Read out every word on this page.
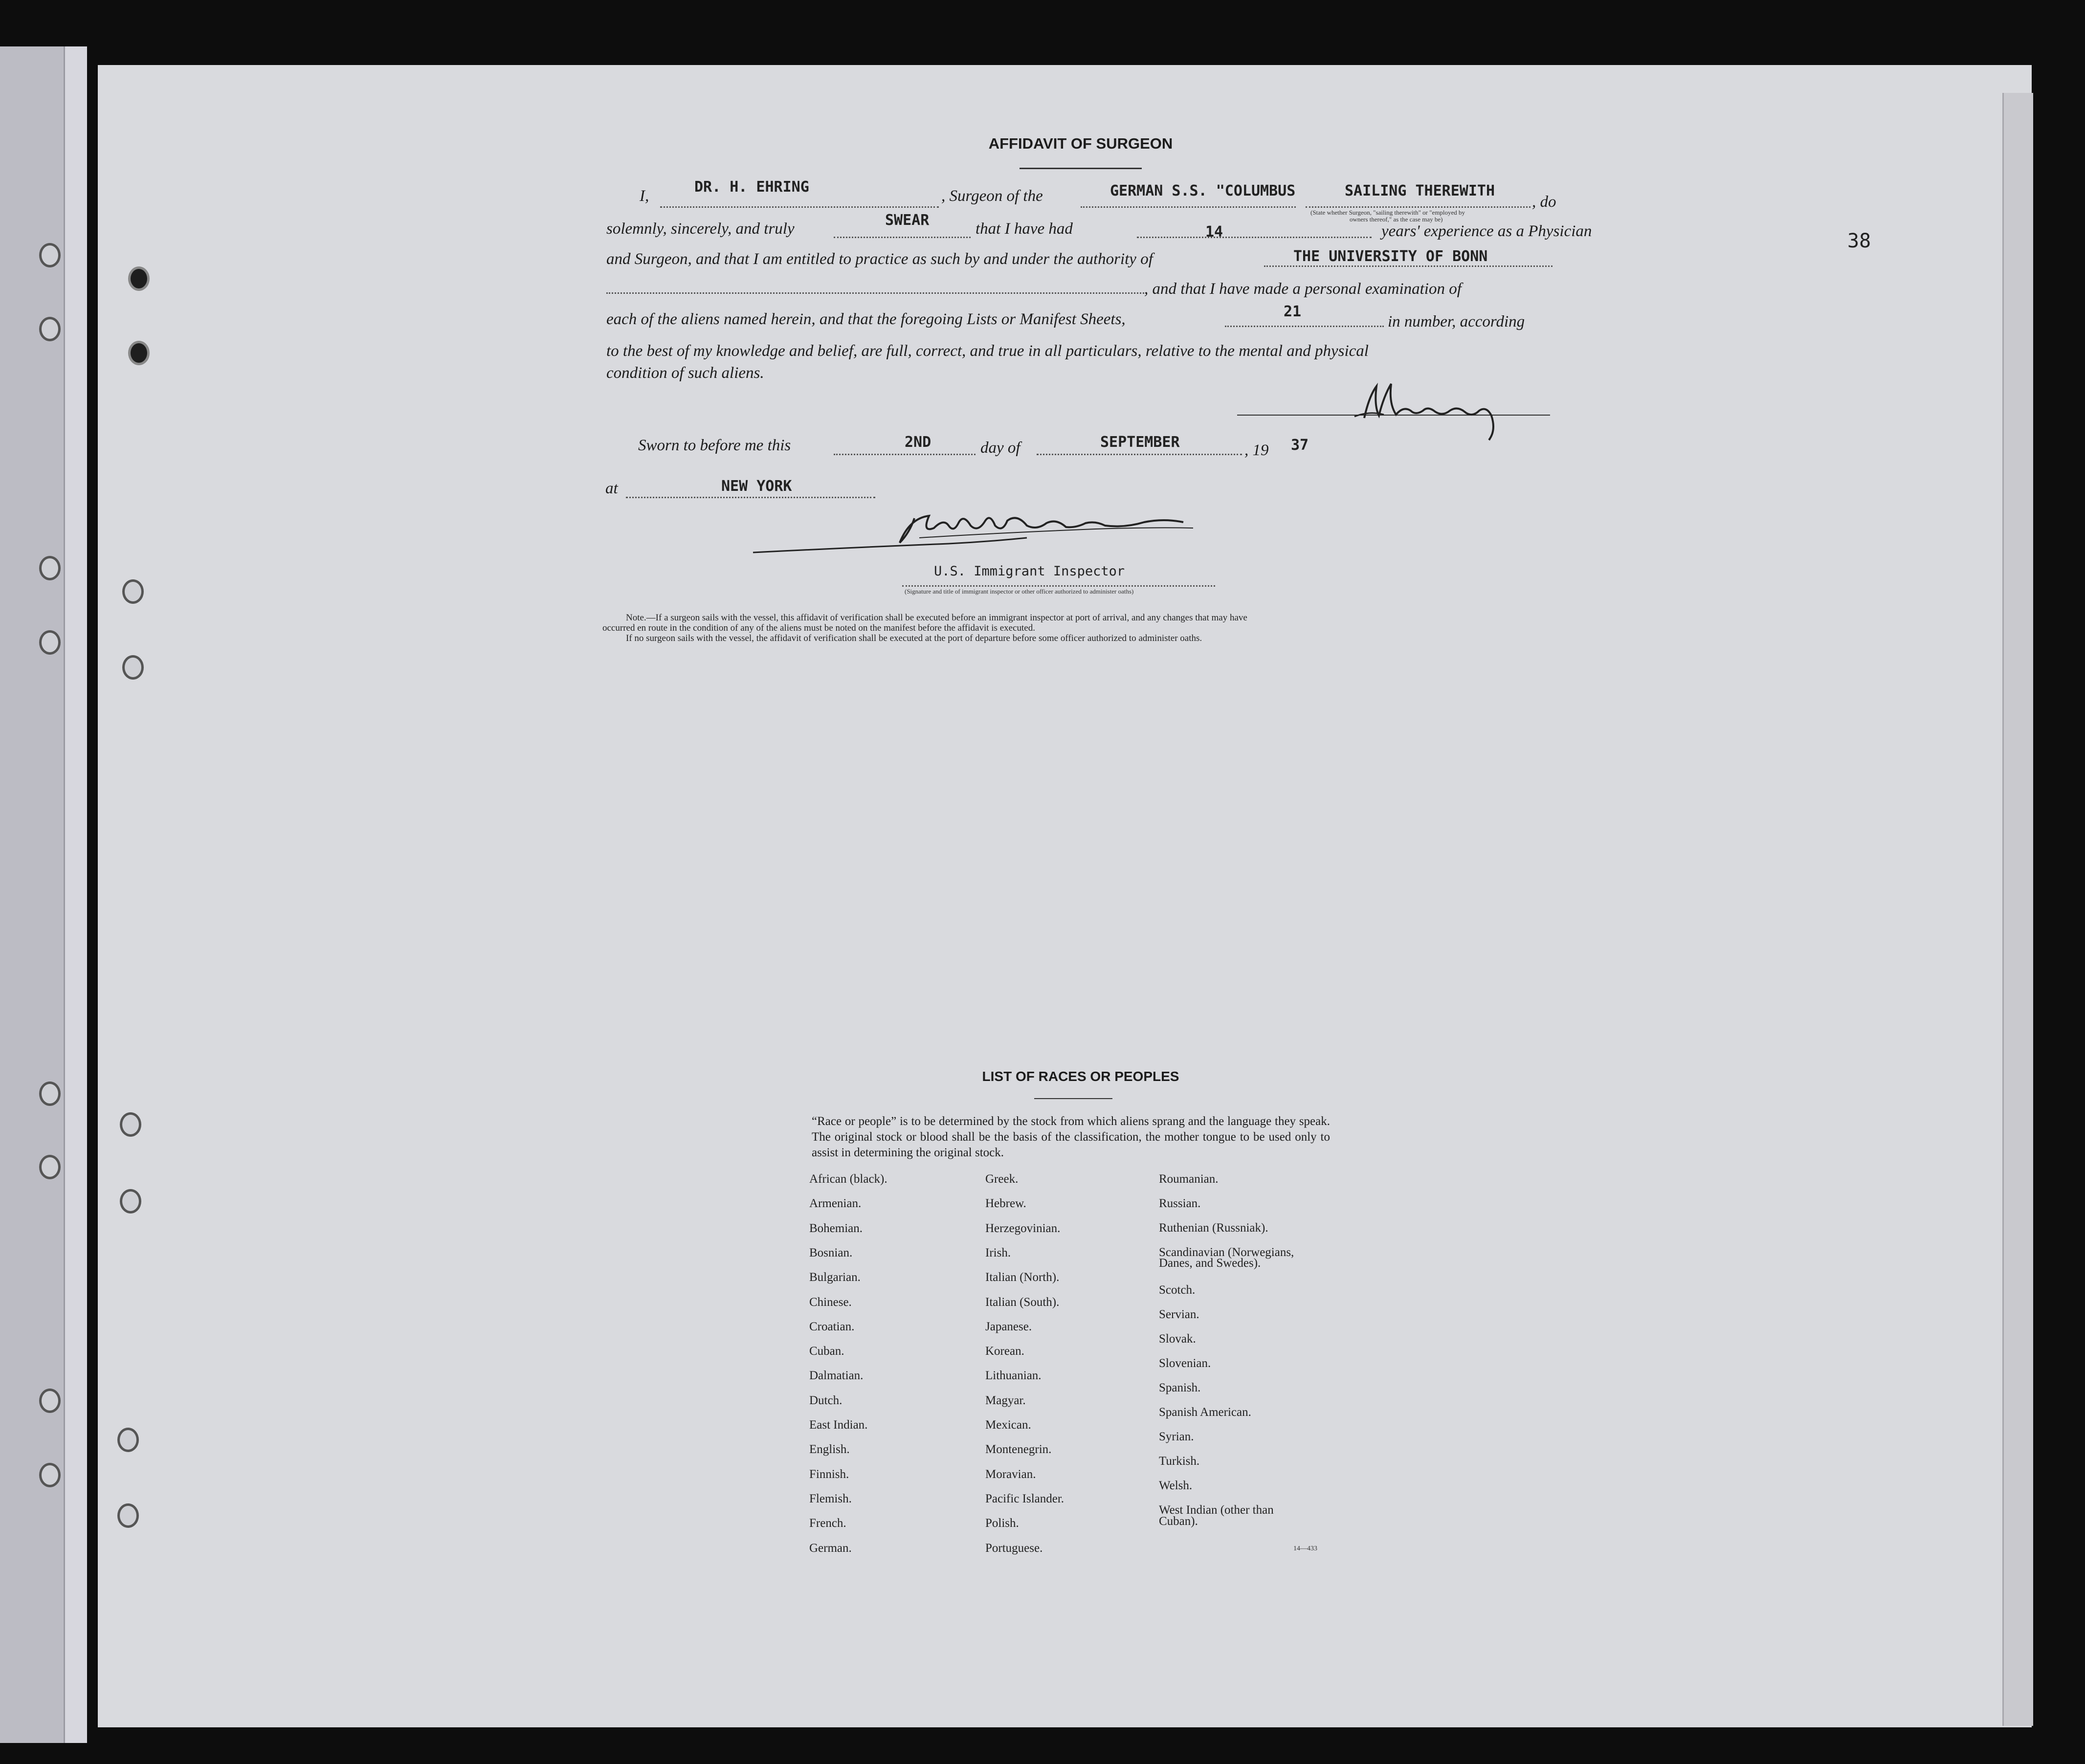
38
AFFIDAVIT OF SURGEON
I,
DR. H. EHRING
, Surgeon of the	GERMAN S.S. "COLUMBUS	SAILING THEREWITH
, do
(State whether Surgeon, "sailing therewith" or "employed by
owners thereof," as the case may be)
solemnly, sincerely, and truly	SWEAR	that I have had	14	years' experience as a Physician
and Surgeon, and that I am entitled to practice as such by and under the authority of	THE UNIVERSITY OF BONN
, and that I have made a personal examination of
each of the aliens named herein, and that the foregoing Lists or Manifest Sheets,	21
in number, according
to the best of my knowledge and belief, are full, correct, and true in all particulars, relative to the mental and physical
condition of such aliens.
Sworn to before me this	2ND	day of	SEPTEMBER	, 19 37
at	NEW YORK
U.S. Immigrant Inspector
(Signature and title of immigrant inspector or other officer authorized to administer oaths)
Note.—If a surgeon sails with the vessel, this affidavit of verification shall be executed before an immigrant inspector at port of arrival, and any changes that may have
occurred en route in the condition of any of the aliens must be noted on the manifest before the affidavit is executed.
If no surgeon sails with the vessel, the affidavit of verification shall be executed at the port of departure before some officer authorized to administer oaths.
LIST OF RACES OR PEOPLES
“Race or people” is to be determined by the stock from which aliens sprang and the language they speak. The original stock or blood shall be the basis of the classification, the mother tongue to be used only to assist in determining the original stock.
African (black).
Armenian.
Bohemian.
Bosnian.
Bulgarian.
Chinese.
Croatian.
Cuban.
Dalmatian.
Dutch.
East Indian.
English.
Finnish.
Flemish.
French.
German.
Greek.
Hebrew.
Herzegovinian.
Irish.
Italian (North).
Italian (South).
Japanese.
Korean.
Lithuanian.
Magyar.
Mexican.
Montenegrin.
Moravian.
Pacific Islander.
Polish.
Portuguese.
Roumanian.
Russian.
Ruthenian (Russniak).
Scandinavian (Norwegians,
Danes, and Swedes).
Scotch.
Servian.
Slovak.
Slovenian.
Spanish.
Spanish American.
Syrian.
Turkish.
Welsh.
West Indian (other than
Cuban).
14—433
